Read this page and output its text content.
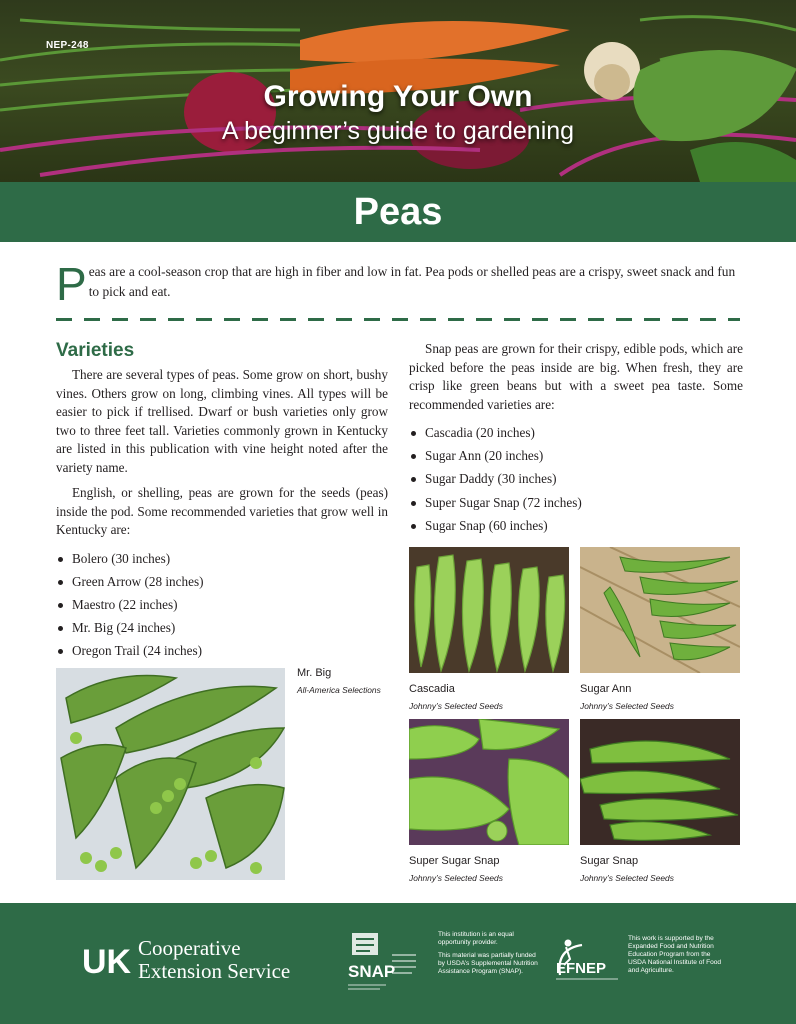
NEP-248
Growing Your Own
A beginner’s guide to gardening
Peas
Peas are a cool-season crop that are high in fiber and low in fat. Pea pods or shelled peas are a crispy, sweet snack and fun to pick and eat.
Varieties

There are several types of peas. Some grow on short, bushy vines. Others grow on long, climbing vines. All types will be easier to pick if trellised. Dwarf or bush varieties only grow two to three feet tall. Varieties commonly grown in Kentucky are listed in this publication with vine height noted after the variety name.

English, or shelling, peas are grown for the seeds (peas) inside the pod. Some recommended varieties that grow well in Kentucky are:

Bolero (30 inches)
Green Arrow (28 inches)
Maestro (22 inches)
Mr. Big (24 inches)
Oregon Trail (24 inches)

Snap peas are grown for their crispy, edible pods, which are picked before the peas inside are big. When fresh, they are crisp like green beans but with a sweet pea taste. Some recommended varieties are:

Cascadia (20 inches)
Sugar Ann (20 inches)
Sugar Daddy (30 inches)
Super Sugar Snap (72 inches)
Sugar Snap (60 inches)
Mr. Big
All-America Selections	Cascadia
Johnny’s Selected Seeds
Sugar Ann
Johnny’s Selected Seeds
Super Sugar Snap
Johnny’s Selected Seeds
Sugar Snap
Johnny’s Selected Seeds
UK Cooperative
Extension Service	SNAP

This institution is an equal opportunity provider.

This material was partially funded by USDA’s Supplemental Nutrition Assistance Program (SNAP).	EFNEP
This work is supported by the Expanded Food and Nutrition Education Program from the USDA National Institute of Food and Agriculture.
